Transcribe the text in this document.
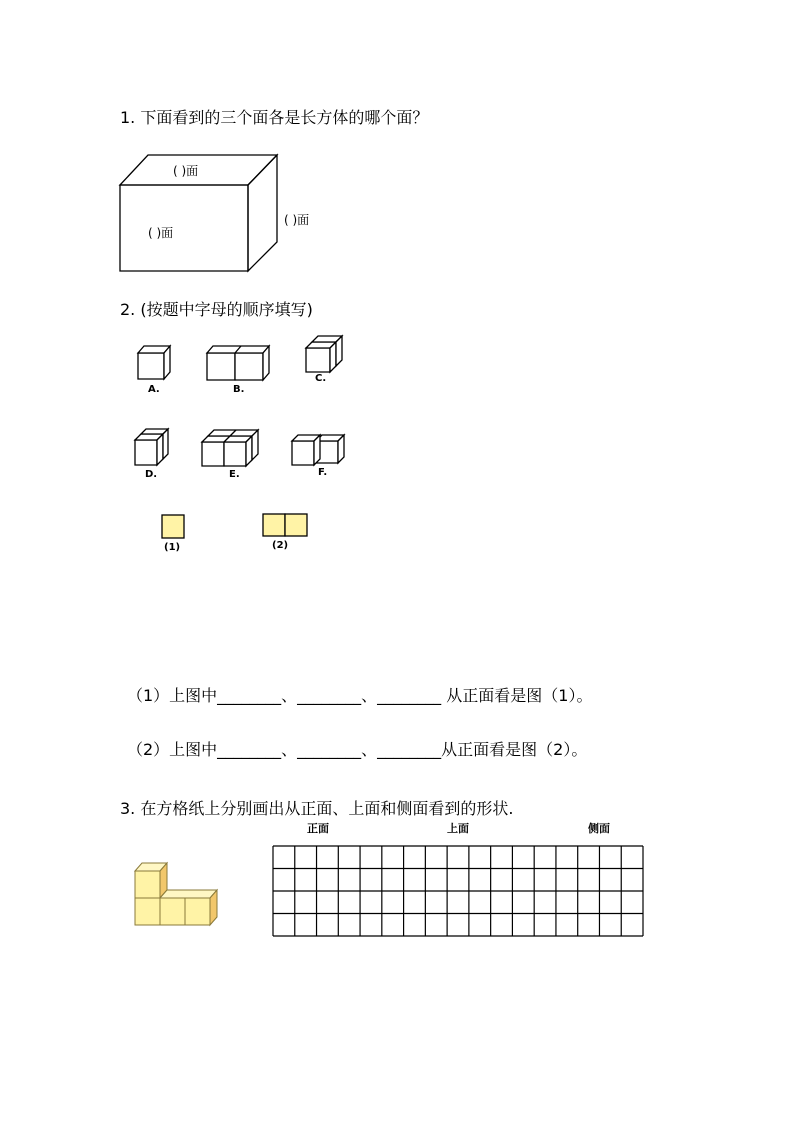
1. 下面看到的三个面各是长方体的哪个面？
( )面
( )面
( )面
2. (按题中字母的顺序填写)
A.	B.
C.
D.	E.	F.
(1)	(2)
（1）上图中________、________、________ 从正面看是图（1）。
（2）上图中________、________、________从正面看是图（2）。
3. 在方格纸上分别画出从正面、上面和侧面看到的形状.
正面	上面	侧面
